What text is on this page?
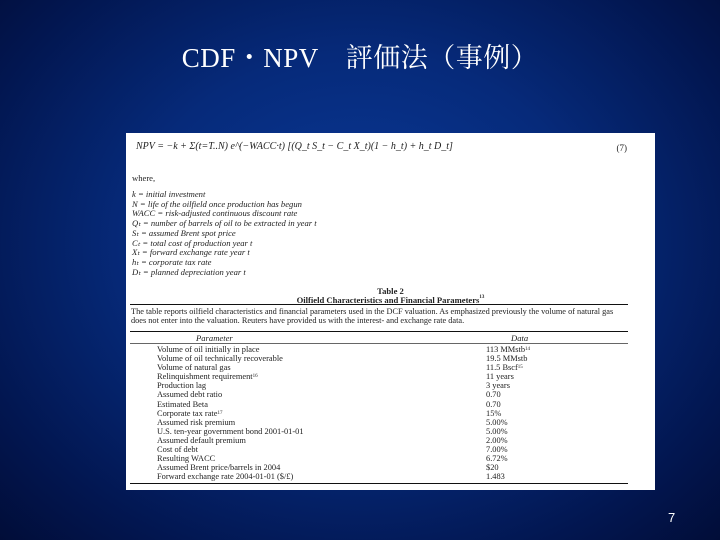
CDF・NPV　評価法（事例）
NPV = −k + Σ(t=T..N) e^(−WACC·t) [(Q_t S_t − C_t X_t)(1 − h_t) + h_t D_t]	(7)
where,
k = initial investment
N = life of the oilfield once production has begun
WACC = risk-adjusted continuous discount rate
Qₜ = number of barrels of oil to be extracted in year t
Sₜ = assumed Brent spot price
Cₜ = total cost of production year t
Xₜ = forward exchange rate year t
hₜ = corporate tax rate
Dₜ = planned depreciation year t
Table 2
Oilfield Characteristics and Financial Parameters$^{13}$
The table reports oilfield characteristics and financial parameters used in the DCF valuation. As emphasized previously the volume of natural gas does not enter into the valuation. Reuters have provided us with the interest- and exchange rate data.
Parameter	Data
Volume of oil initially in place	113 MMstb$^{14}$
Volume of oil technically recoverable	19.5 MMstb
Volume of natural gas	11.5 Bscf$^{15}$
Relinquishment requirement$^{16}$	11 years
Production lag	3 years
Assumed debt ratio	0.70
Estimated Beta	0.70
Corporate tax rate$^{17}$	15%
Assumed risk premium	5.00%
U.S. ten-year government bond 2001-01-01	5.00%
Assumed default premium	2.00%
Cost of debt	7.00%
Resulting WACC	6.72%
Assumed Brent price/barrels in 2004	$20
Forward exchange rate 2004-01-01 ($/£)	1.483
7
